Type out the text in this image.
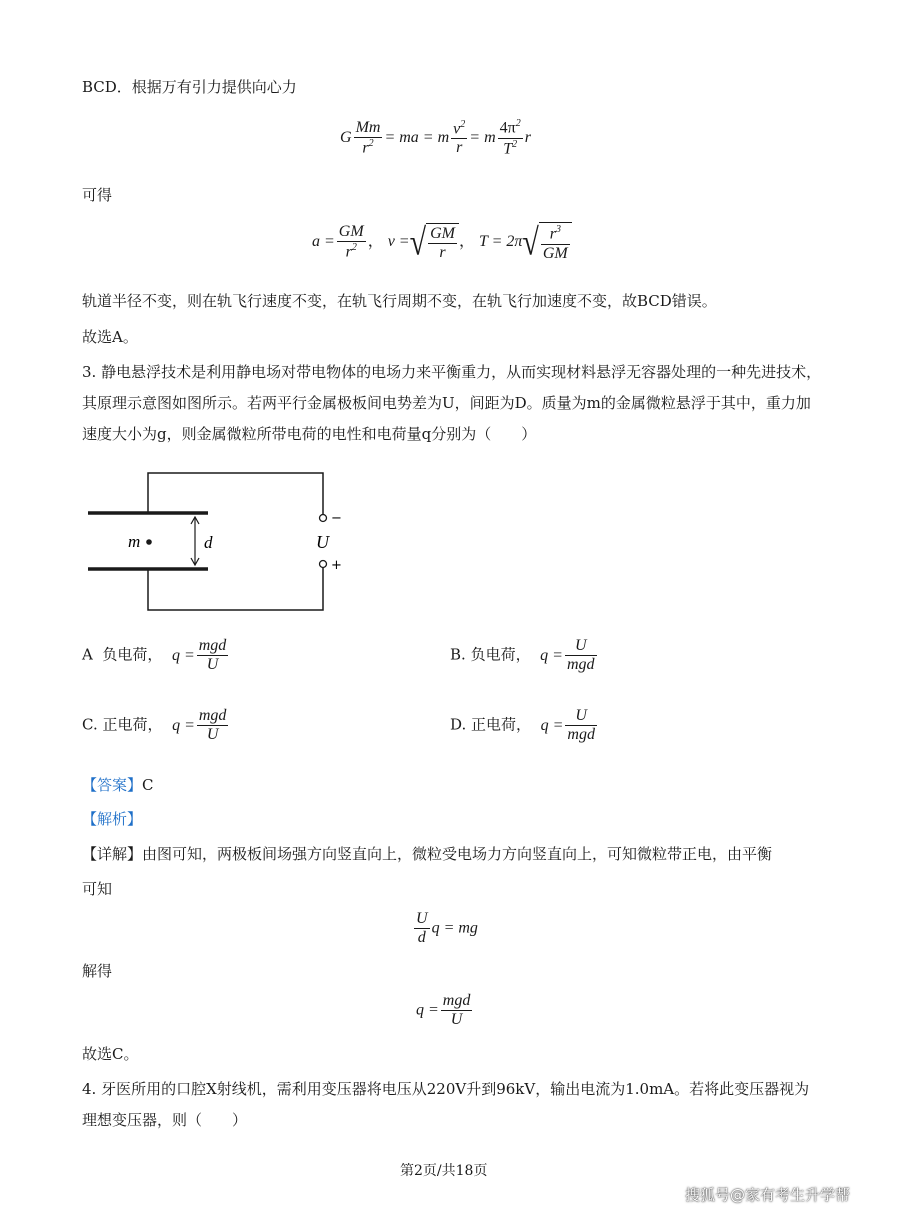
BCD．根据万有引力提供向心力
G $\frac{Mm}{r^2}$ = ma = m $\frac{v^2}{r} = m \frac{4\pi^2}{T^2}$ r
可得
$a = \frac{GM}{r^2}$ ， v =√ $\frac{GM}{r}$ ， $T = 2\pi√ \frac{r^3}{GM}$
轨道半径不变，则在轨飞行速度不变，在轨飞行周期不变，在轨飞行加速度不变，故BCD错误。
故选A。
3. 静电悬浮技术是利用静电场对带电物体的电场力来平衡重力，从而实现材料悬浮无容器处理的一种先进技术，其原理示意图如图所示。若两平行金属极板间电势差为U，间距为D。质量为m的金属微粒悬浮于其中，重力加速度大小为g，则金属微粒所带电荷的电性和电荷量q分别为（　　）
m	d	U
−
+
A 负电荷， $q = \frac{\text{mgd}}{U}$	B. 负电荷， $q = \frac{U}{\text{mgd}}$
C. 正电荷， $q = \frac{\text{mgd}}{U}$	D. 正电荷， $q = \frac{U}{\text{mgd}}$
【答案】C
【解析】
【详解】由图可知，两极板间场强方向竖直向上，微粒受电场力方向竖直向上，可知微粒带正电，由平衡
可知
$\frac{U}{d}$ q = mg
解得
$q = \frac{\text{mgd}}{U}$
故选C。
4. 牙医所用的口腔X射线机，需利用变压器将电压从220V升到96kV，输出电流为1.0mA。若将此变压器视为理想变压器，则（　　）
第2页/共18页
搜狐号@家有考生升学帮
